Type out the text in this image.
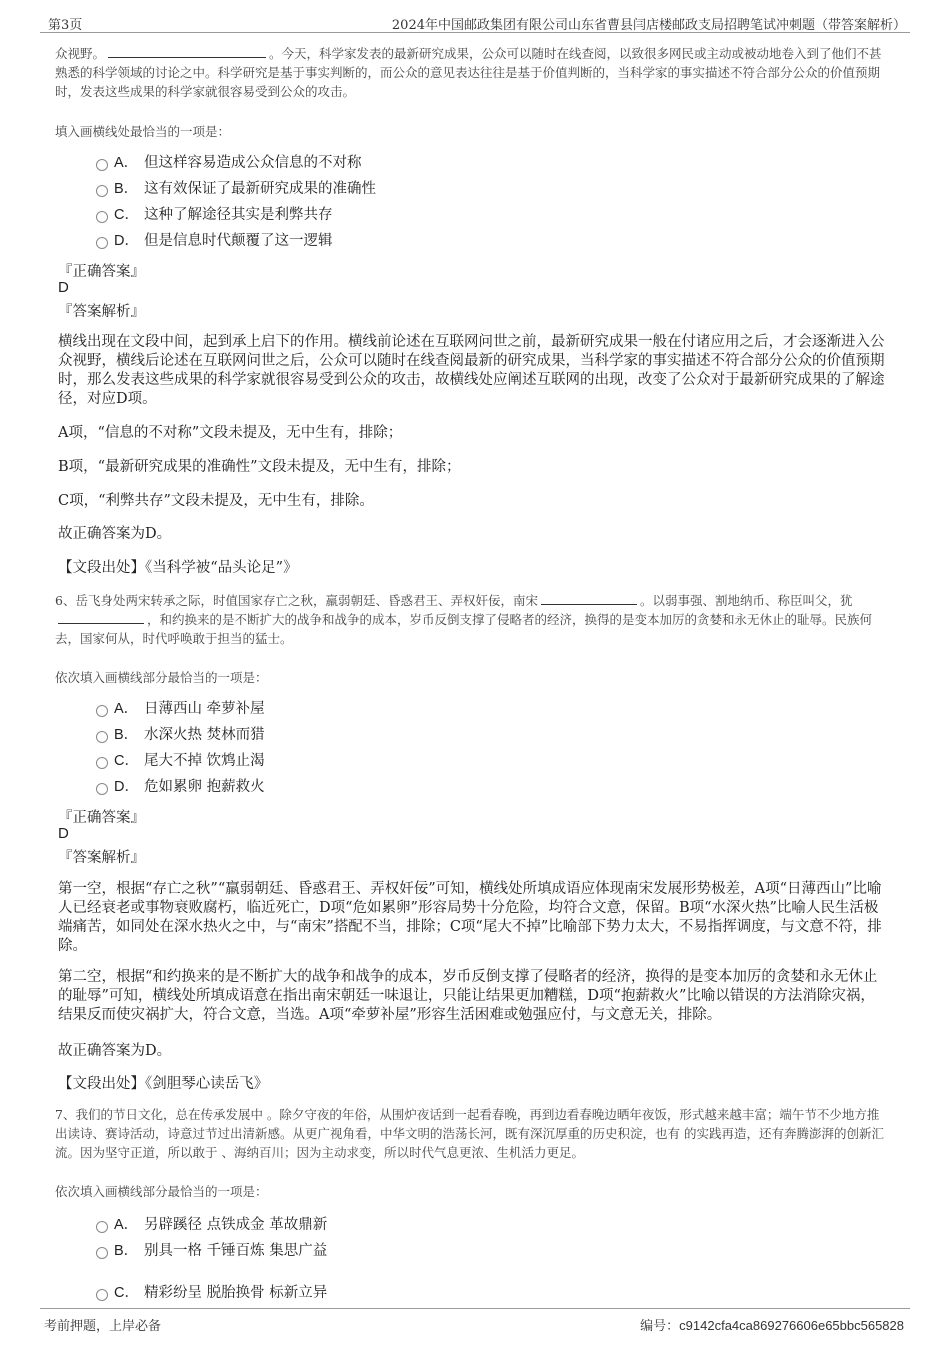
第3页	2024年中国邮政集团有限公司山东省曹县闫店楼邮政支局招聘笔试冲刺题（带答案解析）

众视野。	。今天，科学家发表的最新研究成果，公众可以随时在线查阅，以致很多网民或主动或被动地卷入到了他们不甚熟悉的科学领域的讨论之中。科学研究是基于事实判断的，而公众的意见表达往往是基于价值判断的，当科学家的事实描述不符合部分公众的价值预期时，发表这些成果的科学家就很容易受到公众的攻击。

填入画横线处最恰当的一项是：

A． 但这样容易造成公众信息的不对称
B． 这有效保证了最新研究成果的准确性
C． 这种了解途径其实是利弊共存
D． 但是信息时代颠覆了这一逻辑

『正确答案』

D

『答案解析』

横线出现在文段中间，起到承上启下的作用。横线前论述在互联网问世之前，最新研究成果一般在付诸应用之后，才会逐渐进入公众视野，横线后论述在互联网问世之后，公众可以随时在线查阅最新的研究成果，当科学家的事实描述不符合部分公众的价值预期时，那么发表这些成果的科学家就很容易受到公众的攻击，故横线处应阐述互联网的出现，改变了公众对于最新研究成果的了解途径，对应D项。

A项，“信息的不对称”文段未提及，无中生有，排除；

B项，“最新研究成果的准确性”文段未提及，无中生有，排除；

C项，“利弊共存”文段未提及，无中生有，排除。

故正确答案为D。

【文段出处】《当科学被“品头论足”》

6、岳飞身处两宋转承之际，时值国家存亡之秋，羸弱朝廷、昏惑君王、弄权奸佞，南宋	。以弱事强、割地纳币、称臣叫父，犹，和约换来的是不断扩大的战争和战争的成本，岁币反倒支撑了侵略者的经济，换得的是变本加厉的贪婪和永无休止的耻辱。民族何去，国家何从，时代呼唤敢于担当的猛士。

依次填入画横线部分最恰当的一项是：

A． 日薄西山 牵萝补屋
B． 水深火热 焚林而猎
C． 尾大不掉 饮鸩止渴
D． 危如累卵 抱薪救火

『正确答案』

D

『答案解析』

第一空，根据“存亡之秋”“羸弱朝廷、昏惑君王、弄权奸佞”可知，横线处所填成语应体现南宋发展形势极差，A项“日薄西山”比喻人已经衰老或事物衰败腐朽，临近死亡，D项“危如累卵”形容局势十分危险，均符合文意，保留。B项“水深火热”比喻人民生活极端痛苦，如同处在深水热火之中，与“南宋”搭配不当，排除；C项“尾大不掉”比喻部下势力太大，不易指挥调度，与文意不符，排除。

第二空，根据“和约换来的是不断扩大的战争和战争的成本，岁币反倒支撑了侵略者的经济，换得的是变本加厉的贪婪和永无休止的耻辱”可知，横线处所填成语意在指出南宋朝廷一味退让，只能让结果更加糟糕，D项“抱薪救火”比喻以错误的方法消除灾祸，结果反而使灾祸扩大，符合文意，当选。A项“牵萝补屋”形容生活困难或勉强应付，与文意无关，排除。

故正确答案为D。

【文段出处】《剑胆琴心读岳飞》

7、我们的节日文化，总在传承发展中 。除夕守夜的年俗，从围炉夜话到一起看春晚，再到边看春晚边晒年夜饭，形式越来越丰富；端午节不少地方推出读诗、赛诗活动，诗意过节过出清新感。从更广视角看，中华文明的浩荡长河，既有深沉厚重的历史积淀，也有 的实践再造，还有奔腾澎湃的创新汇流。因为坚守正道，所以敢于 、海纳百川；因为主动求变，所以时代气息更浓、生机活力更足。

依次填入画横线部分最恰当的一项是：

A． 另辟蹊径 点铁成金 革故鼎新
B． 别具一格 千锤百炼 集思广益
C． 精彩纷呈 脱胎换骨 标新立异
考前押题，上岸必备	编号：c9142cfa4ca869276606e65bbc565828
